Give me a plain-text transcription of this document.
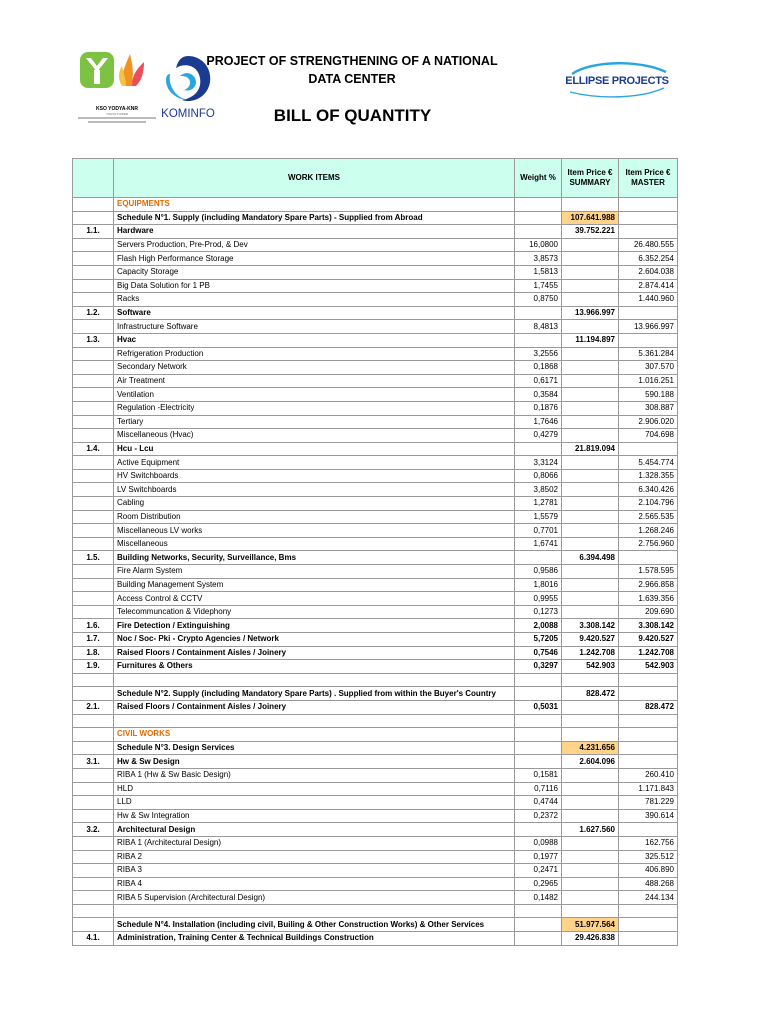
KSO YODYA-KNR
YODYA TOWER	KOMINFO
PROJECT OF STRENGTHENING OF A NATIONAL
DATA CENTER
BILL OF QUANTITY
ELLIPSE PROJECTS
	WORK ITEMS	Weight %	Item Price € SUMMARY	Item Price € MASTER
	EQUIPMENTS			
	Schedule N°1. Supply (including Mandatory Spare Parts) - Supplied from Abroad		107.641.988	
1.1.	Hardware		39.752.221	
	Servers Production, Pre-Prod, & Dev	16,0800		26.480.555
	Flash High Performance Storage	3,8573		6.352.254
	Capacity Storage	1,5813		2.604.038
	Big Data Solution for 1 PB	1,7455		2.874.414
	Racks	0,8750		1.440.960
1.2.	Software		13.966.997	
	Infrastructure Software	8,4813		13.966.997
1.3.	Hvac		11.194.897	
	Refrigeration Production	3,2556		5.361.284
	Secondary Network	0,1868		307.570
	Air Treatment	0,6171		1.016.251
	Ventilation	0,3584		590.188
	Regulation -Electricity	0,1876		308.887
	Tertiary	1,7646		2.906.020
	Miscellaneous (Hvac)	0,4279		704.698
1.4.	Hcu - Lcu		21.819.094	
	Active Equipment	3,3124		5.454.774
	HV Switchboards	0,8066		1.328.355
	LV Switchboards	3,8502		6.340.426
	Cabling	1,2781		2.104.796
	Room Distribution	1,5579		2.565.535
	Miscellaneous LV works	0,7701		1.268.246
	Miscellaneous	1,6741		2.756.960
1.5.	Building Networks, Security, Surveillance, Bms		6.394.498	
	Fire Alarm System	0,9586		1.578.595
	Building Management System	1,8016		2.966.858
	Access Control & CCTV	0,9955		1.639.356
	Telecommuncation & Videphony	0,1273		209.690
1.6.	Fire Detection / Extinguishing	2,0088	3.308.142	3.308.142
1.7.	Noc / Soc- Pki - Crypto Agencies / Network	5,7205	9.420.527	9.420.527
1.8.	Raised Floors / Containment Aisles / Joinery	0,7546	1.242.708	1.242.708
1.9.	Furnitures & Others	0,3297	542.903	542.903

	Schedule N°2. Supply (including Mandatory Spare Parts) . Supplied from within the Buyer's Country		828.472	
2.1.	Raised Floors / Containment Aisles / Joinery	0,5031		828.472

	CIVIL WORKS			
	Schedule N°3. Design Services		4.231.656	
3.1.	Hw & Sw Design		2.604.096	
	RIBA 1 (Hw & Sw Basic Design)	0,1581		260.410
	HLD	0,7116		1.171.843
	LLD	0,4744		781.229
	Hw & Sw Integration	0,2372		390.614
3.2.	Architectural Design		1.627.560	
	RIBA 1 (Architectural Design)	0,0988		162.756
	RIBA 2	0,1977		325.512
	RIBA 3	0,2471		406.890
	RIBA 4	0,2965		488.268
	RIBA 5 Supervision (Architectural Design)	0,1482		244.134

	Schedule N°4. Installation (including civil, Builing & Other Construction Works) & Other Services		51.977.564	
4.1.	Administration, Training Center & Technical Buildings Construction		29.426.838	
